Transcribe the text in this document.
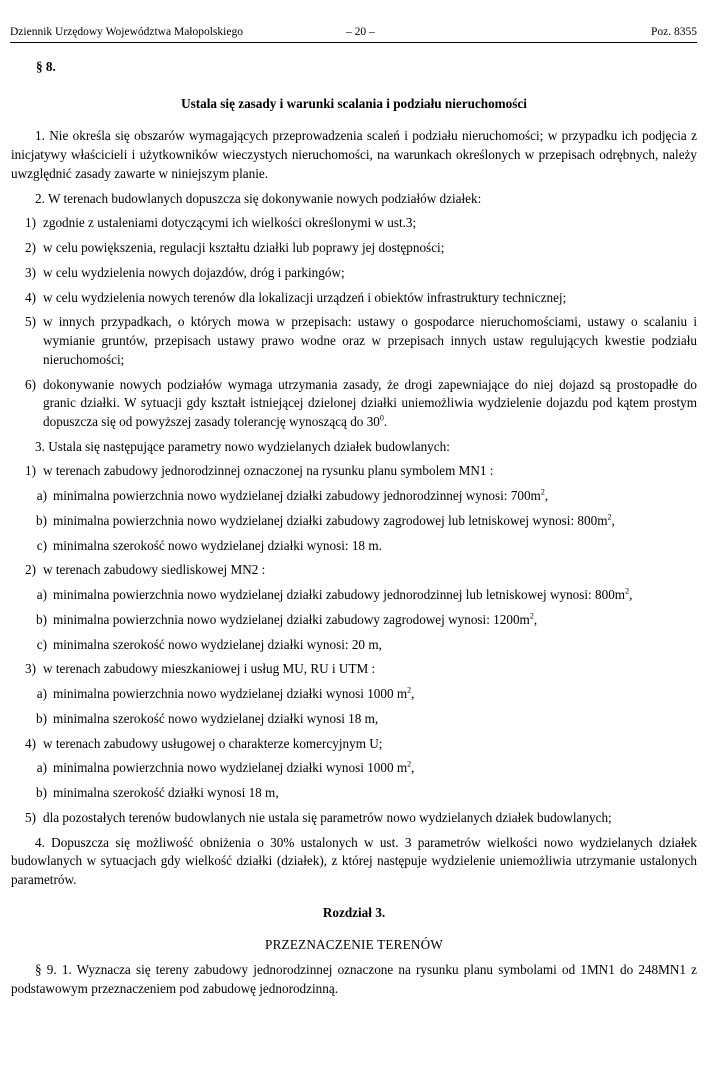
Dziennik Urzędowy Województwa Małopolskiego	– 20 –	Poz. 8355

§ 8.

Ustala się zasady i warunki scalania i podziału nieruchomości

1. Nie określa się obszarów wymagających przeprowadzenia scaleń i podziału nieruchomości; w przypadku ich podjęcia z inicjatywy właścicieli i użytkowników wieczystych nieruchomości, na warunkach określonych w przepisach odrębnych, należy uwzględnić zasady zawarte w niniejszym planie.

2. W terenach budowlanych dopuszcza się dokonywanie nowych podziałów działek:

1) zgodnie z ustaleniami dotyczącymi ich wielkości określonymi w ust.3;
2) w celu powiększenia, regulacji kształtu działki lub poprawy jej dostępności;
3) w celu wydzielenia nowych dojazdów, dróg i parkingów;
4) w celu wydzielenia nowych terenów dla lokalizacji urządzeń i obiektów infrastruktury technicznej;
5) w innych przypadkach, o których mowa w przepisach: ustawy o gospodarce nieruchomościami, ustawy o scalaniu i wymianie gruntów, przepisach ustawy prawo wodne oraz w przepisach innych ustaw regulujących kwestie podziału nieruchomości;
6) dokonywanie nowych podziałów wymaga utrzymania zasady, że drogi zapewniające do niej dojazd są prostopadłe do granic działki. W sytuacji gdy kształt istniejącej dzielonej działki uniemożliwia wydzielenie dojazdu pod kątem prostym dopuszcza się od powyższej zasady tolerancję wynoszącą do $30^0$.

3. Ustala się następujące parametry nowo wydzielanych działek budowlanych:

1) w terenach zabudowy jednorodzinnej oznaczonej na rysunku planu symbolem MN1 :
a) minimalna powierzchnia nowo wydzielanej działki zabudowy jednorodzinnej wynosi: $700m^2$,
b) minimalna powierzchnia nowo wydzielanej działki zabudowy zagrodowej lub letniskowej wynosi: $800m^2$,
c) minimalna szerokość nowo wydzielanej działki wynosi: 18 m.
2) w terenach zabudowy siedliskowej MN2 :
a) minimalna powierzchnia nowo wydzielanej działki zabudowy jednorodzinnej lub letniskowej wynosi: $800m^2$,
b) minimalna powierzchnia nowo wydzielanej działki zabudowy zagrodowej wynosi: $1200m^2$,
c) minimalna szerokość nowo wydzielanej działki wynosi: 20 m,
3) w terenach zabudowy mieszkaniowej i usług MU, RU i UTM :
a) minimalna powierzchnia nowo wydzielanej działki wynosi 1000 $m^2$,
b) minimalna szerokość nowo wydzielanej działki wynosi 18 m,
4) w terenach zabudowy usługowej o charakterze komercyjnym U;
a) minimalna powierzchnia nowo wydzielanej działki wynosi 1000 $m^2$,
b) minimalna szerokość działki wynosi 18 m,
5) dla pozostałych terenów budowlanych nie ustala się parametrów nowo wydzielanych działek budowlanych;

4. Dopuszcza się możliwość obniżenia o 30% ustalonych w ust. 3 parametrów wielkości nowo wydzielanych działek budowlanych w sytuacjach gdy wielkość działki (działek), z której następuje wydzielenie uniemożliwia utrzymanie ustalonych parametrów.

Rozdział 3.

PRZEZNACZENIE TERENÓW

§ 9. 1. Wyznacza się tereny zabudowy jednorodzinnej oznaczone na rysunku planu symbolami od 1MN1 do 248MN1 z podstawowym przeznaczeniem pod zabudowę jednorodzinną.
